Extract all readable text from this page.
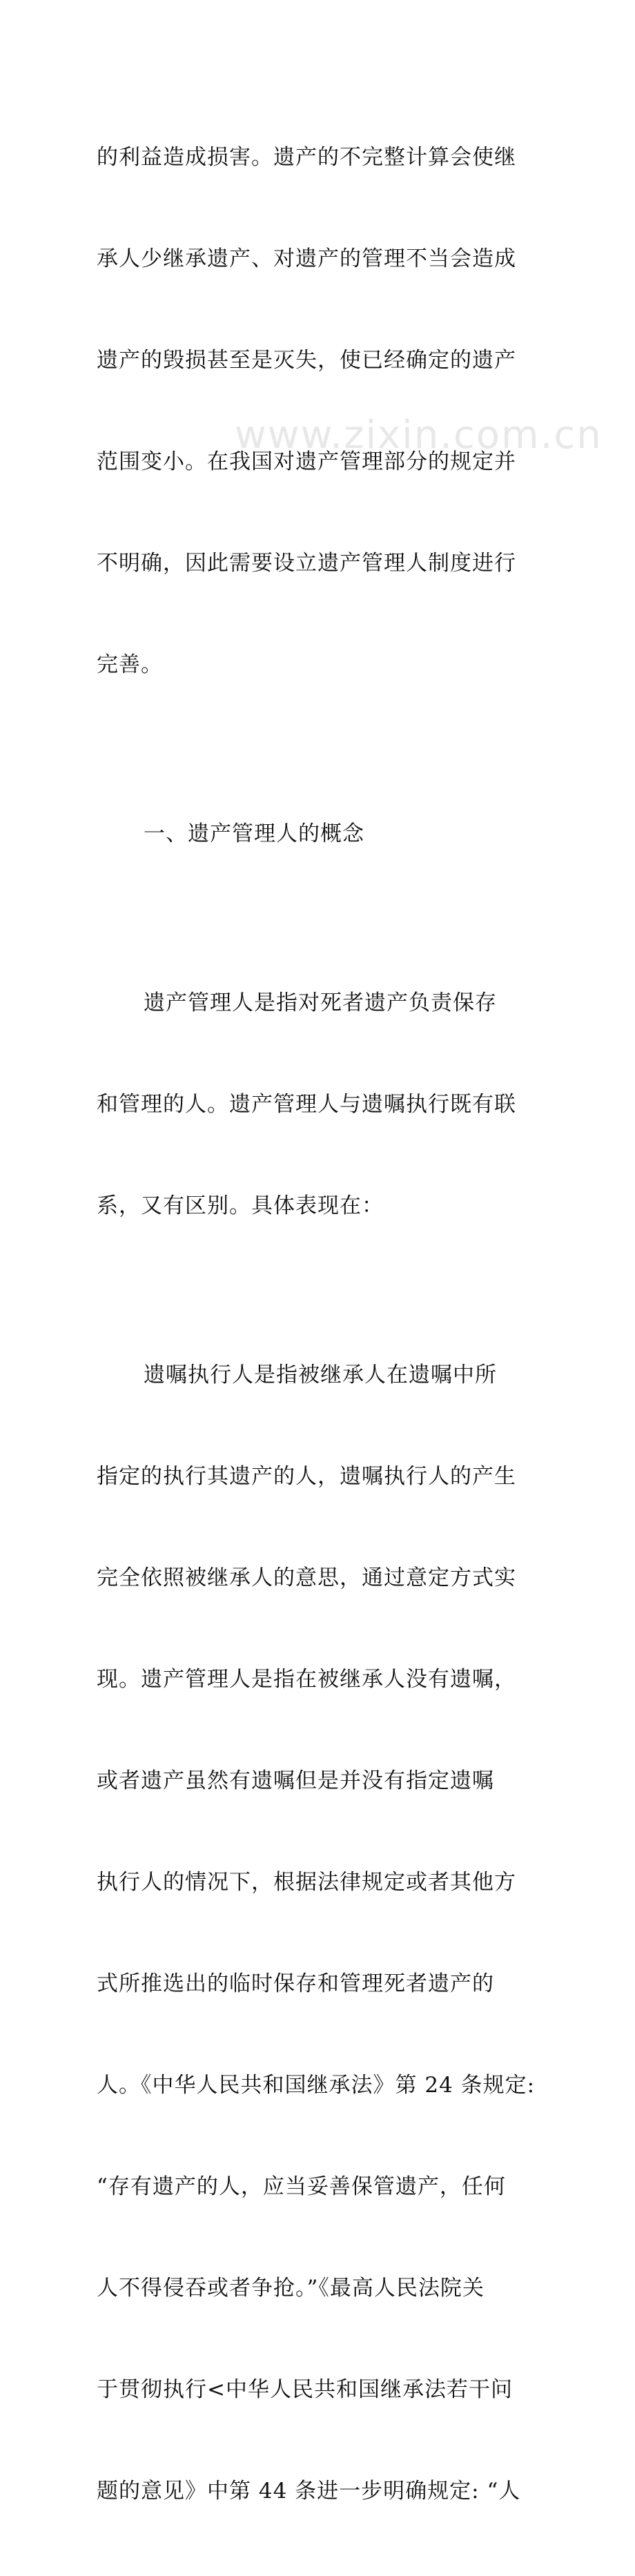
www.zixin.com.cn

的利益造成损害。遗产的不完整计算会使继

承人少继承遗产、对遗产的管理不当会造成

遗产的毁损甚至是灭失，使已经确定的遗产

范围变小。在我国对遗产管理部分的规定并

不明确，因此需要设立遗产管理人制度进行

完善。

一、遗产管理人的概念

遗产管理人是指对死者遗产负责保存

和管理的人。遗产管理人与遗嘱执行既有联

系，又有区别。具体表现在：

遗嘱执行人是指被继承人在遗嘱中所

指定的执行其遗产的人，遗嘱执行人的产生

完全依照被继承人的意思，通过意定方式实

现。遗产管理人是指在被继承人没有遗嘱，

或者遗产虽然有遗嘱但是并没有指定遗嘱

执行人的情况下，根据法律规定或者其他方

式所推选出的临时保存和管理死者遗产的

人。《中华人民共和国继承法》第 24 条规定:

“存有遗产的人，应当妥善保管遗产，任何

人不得侵吞或者争抢。”《最高人民法院关

于贯彻执行<中华人民共和国继承法若干问

题的意见》中第 44 条进一步明确规定: “人
